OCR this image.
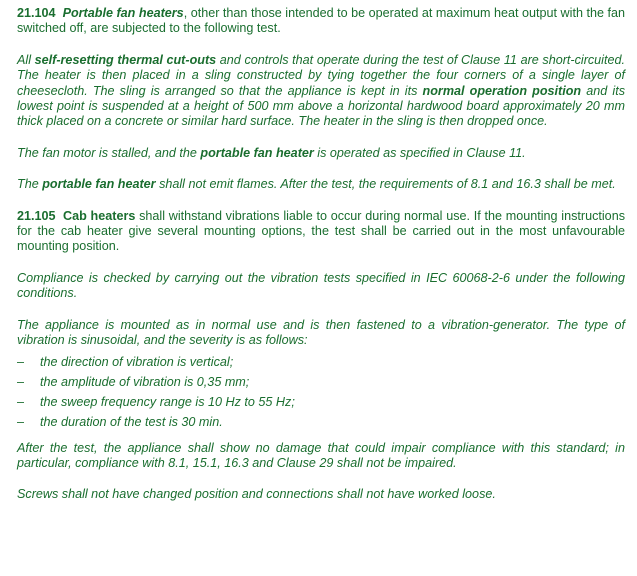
21.104 Portable fan heaters, other than those intended to be operated at maximum heat output with the fan switched off, are subjected to the following test.

All self-resetting thermal cut-outs and controls that operate during the test of Clause 11 are short-circuited. The heater is then placed in a sling constructed by tying together the four corners of a single layer of cheesecloth. The sling is arranged so that the appliance is kept in its normal operation position and its lowest point is suspended at a height of 500 mm above a horizontal hardwood board approximately 20 mm thick placed on a concrete or similar hard surface. The heater in the sling is then dropped once.

The fan motor is stalled, and the portable fan heater is operated as specified in Clause 11.

The portable fan heater shall not emit flames. After the test, the requirements of 8.1 and 16.3 shall be met.

21.105 Cab heaters shall withstand vibrations liable to occur during normal use. If the mounting instructions for the cab heater give several mounting options, the test shall be carried out in the most unfavourable mounting position.

Compliance is checked by carrying out the vibration tests specified in IEC 60068-2-6 under the following conditions.

The appliance is mounted as in normal use and is then fastened to a vibration-generator. The type of vibration is sinusoidal, and the severity is as follows:

– the direction of vibration is vertical;
– the amplitude of vibration is 0,35 mm;
– the sweep frequency range is 10 Hz to 55 Hz;
– the duration of the test is 30 min.

After the test, the appliance shall show no damage that could impair compliance with this standard; in particular, compliance with 8.1, 15.1, 16.3 and Clause 29 shall not be impaired.

Screws shall not have changed position and connections shall not have worked loose.
